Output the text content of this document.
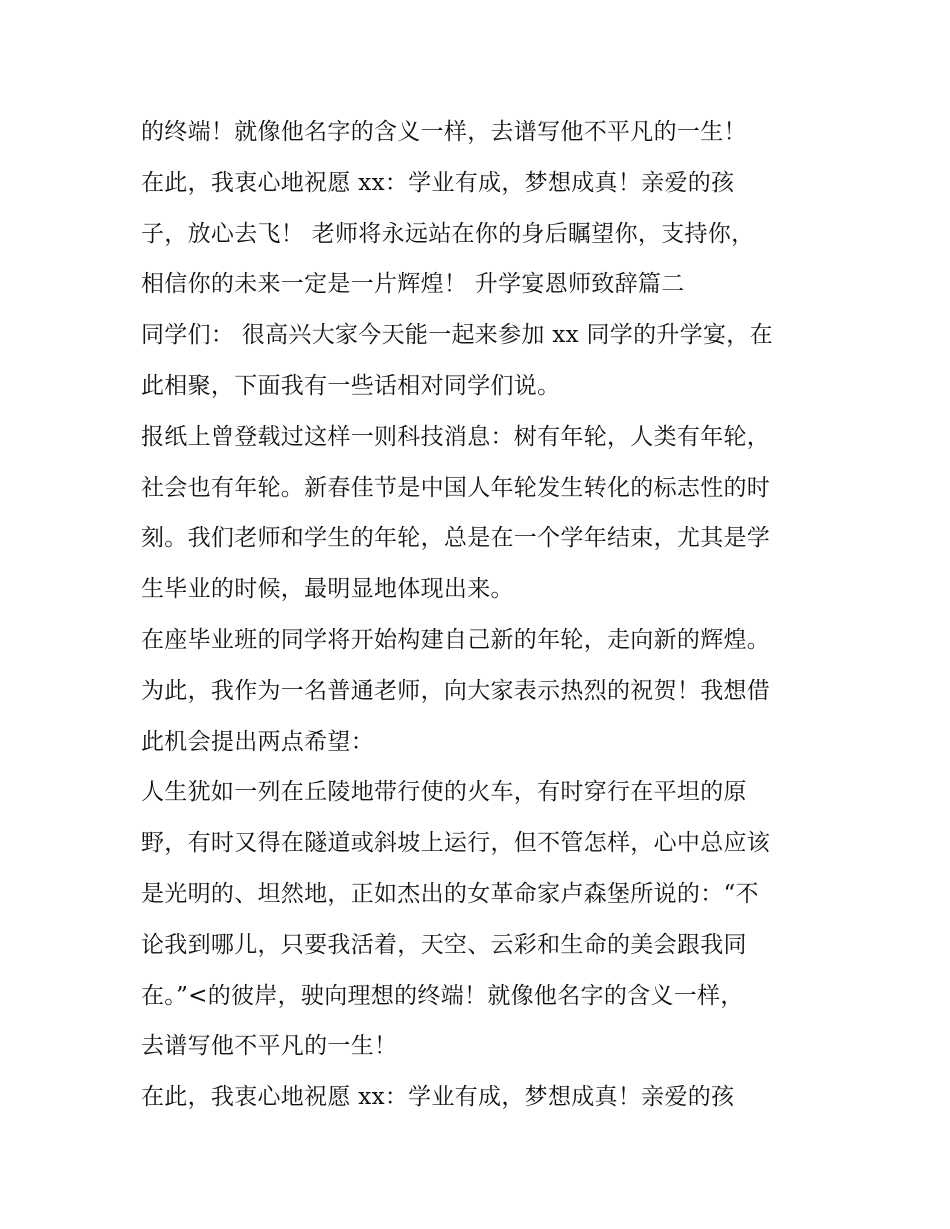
的终端！就像他名字的含义一样，去谱写他不平凡的一生！
在此，我衷心地祝愿 xx：学业有成，梦想成真！亲爱的孩
子，放心去飞！ 老师将永远站在你的身后瞩望你，支持你，
相信你的未来一定是一片辉煌！ 升学宴恩师致辞篇二
同学们： 很高兴大家今天能一起来参加 xx 同学的升学宴，在
此相聚，下面我有一些话相对同学们说。
报纸上曾登载过这样一则科技消息：树有年轮，人类有年轮，
社会也有年轮。新春佳节是中国人年轮发生转化的标志性的时
刻。我们老师和学生的年轮，总是在一个学年结束，尤其是学
生毕业的时候，最明显地体现出来。
在座毕业班的同学将开始构建自己新的年轮，走向新的辉煌。
为此，我作为一名普通老师，向大家表示热烈的祝贺！我想借
此机会提出两点希望：
人生犹如一列在丘陵地带行使的火车，有时穿行在平坦的原
野，有时又得在隧道或斜坡上运行，但不管怎样，心中总应该
是光明的、坦然地，正如杰出的女革命家卢森堡所说的：“不
论我到哪儿，只要我活着，天空、云彩和生命的美会跟我同
在。”<的彼岸，驶向理想的终端！就像他名字的含义一样，
去谱写他不平凡的一生！
在此，我衷心地祝愿 xx：学业有成，梦想成真！亲爱的孩
